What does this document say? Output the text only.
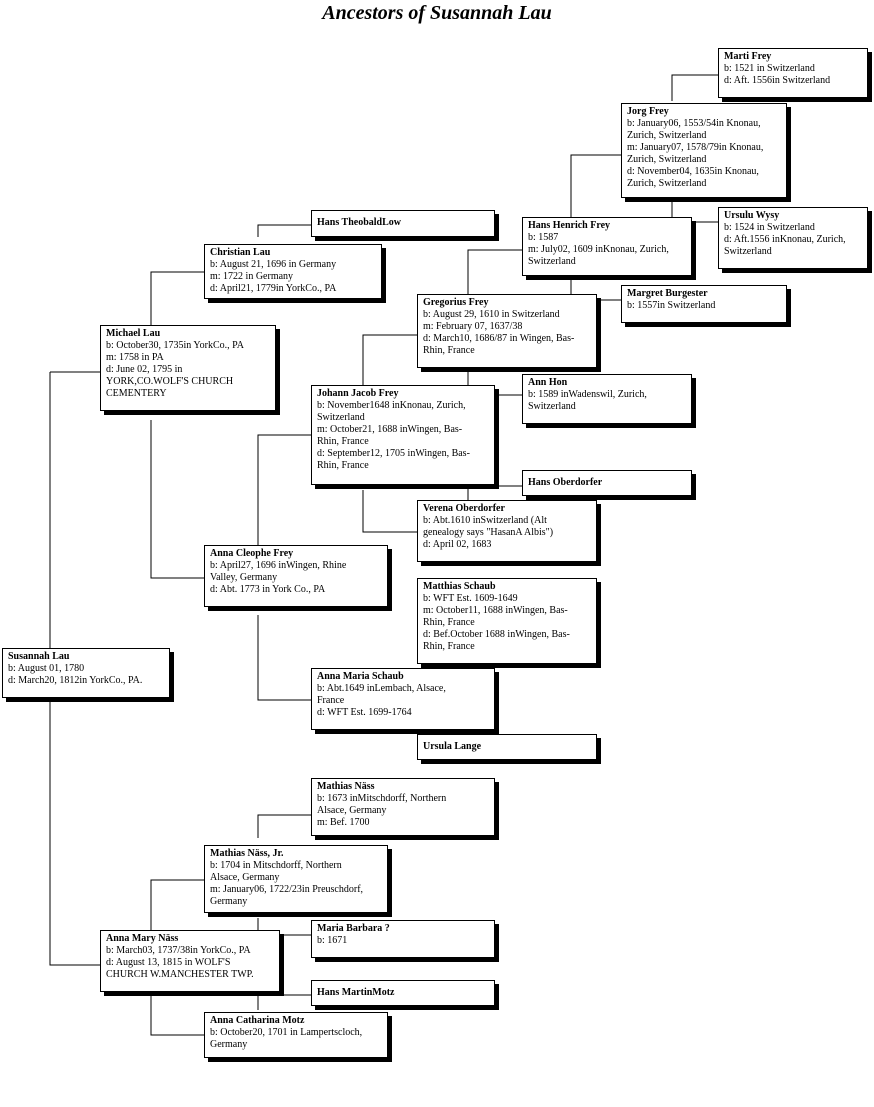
Ancestors of Susannah Lau
Susannah Lau
b: August 01, 1780
d: March20, 1812in YorkCo., PA.
Michael Lau
b: October30, 1735in YorkCo., PA
m: 1758 in PA
d: June 02, 1795 in
YORK,CO.WOLF'S CHURCH
CEMENTERY
Anna Mary Näss
b: March03, 1737/38in YorkCo., PA
d: August 13, 1815 in WOLF'S
CHURCH W.MANCHESTER TWP.
Christian Lau
b: August 21, 1696 in Germany
m: 1722 in Germany
d: April21, 1779in YorkCo., PA
Anna Cleophe Frey
b: April27, 1696 inWingen, Rhine
Valley, Germany
d: Abt. 1773 in York Co., PA
Mathias Näss, Jr.
b: 1704 in Mitschdorff, Northern
Alsace, Germany
m: January06, 1722/23in Preuschdorf,
Germany
Anna Catharina Motz
b: October20, 1701 in Lampertscloch,
Germany
Hans TheobaldLow
Johann Jacob Frey
b: November1648 inKnonau, Zurich,
Switzerland
m: October21, 1688 inWingen, Bas-
Rhin, France
d: September12, 1705 inWingen, Bas-
Rhin, France
Anna Maria Schaub
b: Abt.1649 inLembach, Alsace,
France
d: WFT Est. 1699-1764
Mathias Näss
b: 1673 inMitschdorff, Northern
Alsace, Germany
m: Bef. 1700
Maria Barbara ?
b: 1671
Hans MartinMotz
Gregorius Frey
b: August 29, 1610 in Switzerland
m: February 07, 1637/38
d: March10, 1686/87 in Wingen, Bas-
Rhin, France
Verena Oberdorfer
b: Abt.1610 inSwitzerland (Alt
genealogy says "HasanA Albis")
d: April 02, 1683
Matthias Schaub
b: WFT Est. 1609-1649
m: October11, 1688 inWingen, Bas-
Rhin, France
d: Bef.October 1688 inWingen, Bas-
Rhin, France
Ursula Lange
Hans Henrich Frey
b: 1587
m: July02, 1609 inKnonau, Zurich,
Switzerland
Ann Hon
b: 1589 inWadenswil, Zurich,
Switzerland
Hans Oberdorfer
Jorg Frey
b: January06, 1553/54in Knonau,
Zurich, Switzerland
m: January07, 1578/79in Knonau,
Zurich, Switzerland
d: November04, 1635in Knonau,
Zurich, Switzerland
Margret Burgester
b: 1557in Switzerland
Marti Frey
b: 1521 in Switzerland
d: Aft. 1556in Switzerland
Ursulu Wysy
b: 1524 in Switzerland
d: Aft.1556 inKnonau, Zurich,
Switzerland
